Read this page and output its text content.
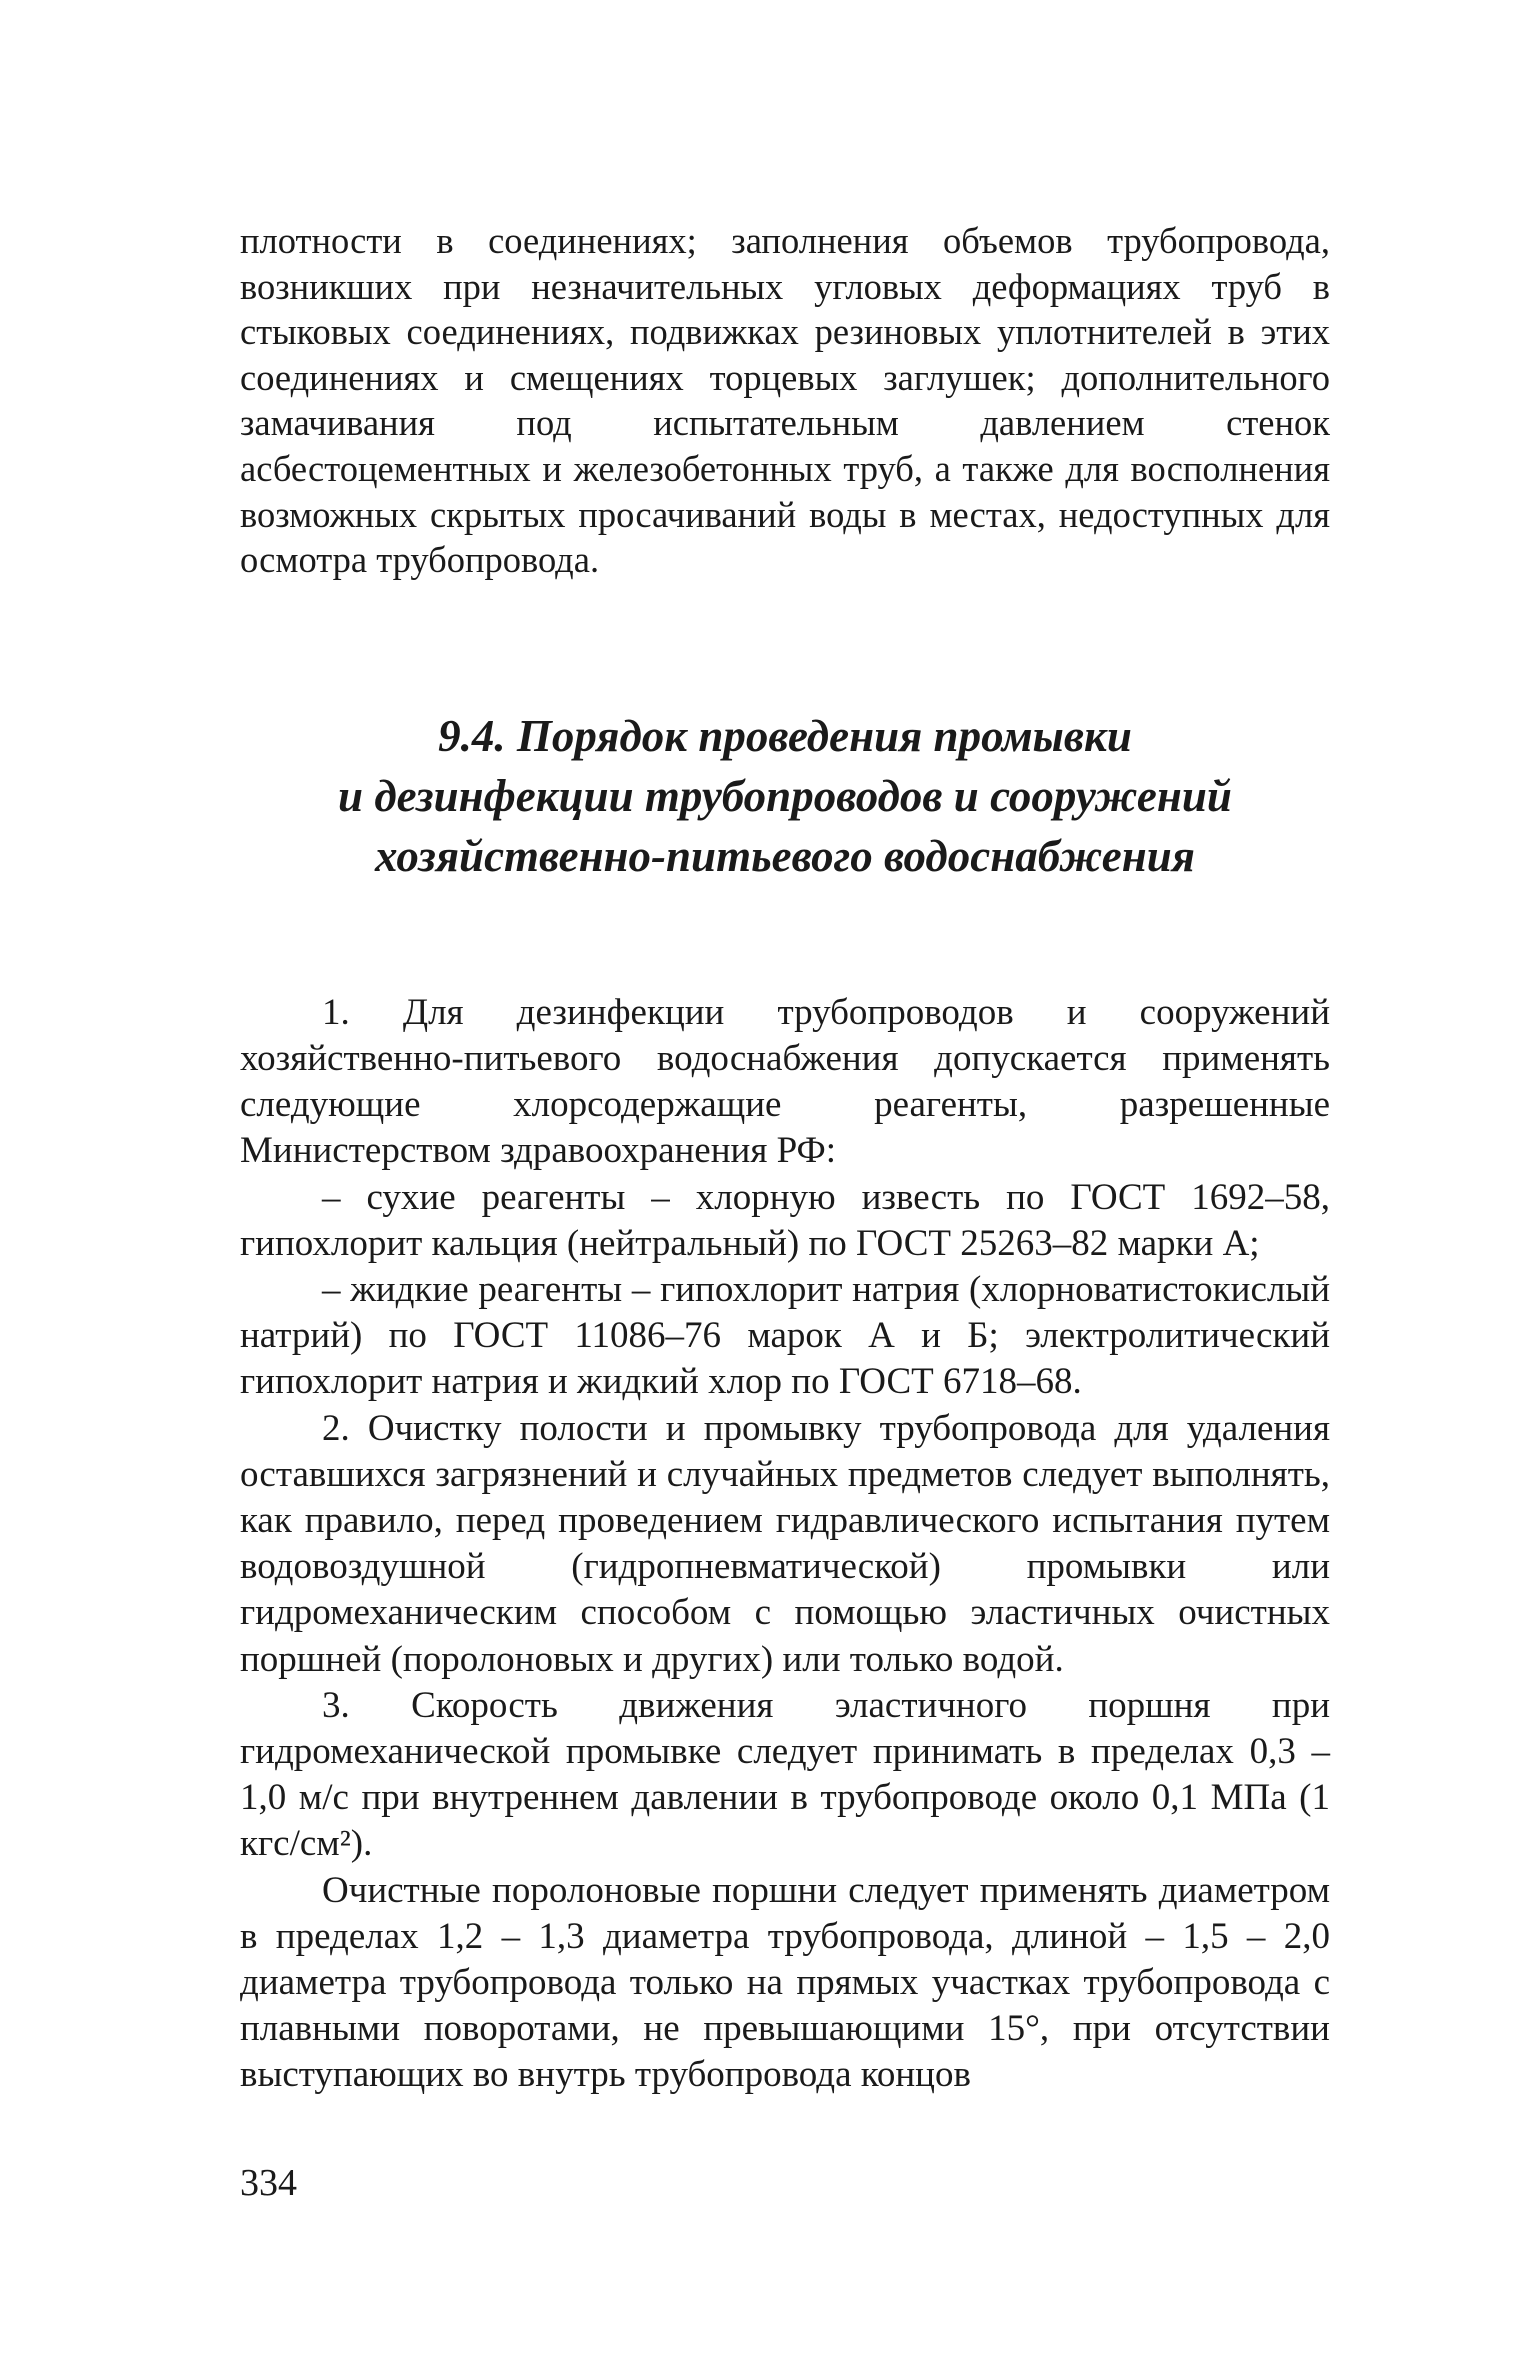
плотности в соединениях; заполнения объемов трубопровода, возникших при незначительных угловых деформациях труб в стыковых соединениях, подвижках резиновых уплотнителей в этих соединениях и смещениях торцевых заглушек; дополнительного замачивания под испытательным давлением стенок асбестоцементных и железобетонных труб, а также для восполнения возможных скрытых просачиваний воды в местах, недоступных для осмотра трубопровода.

9.4. Порядок проведения промывки
и дезинфекции трубопроводов и сооружений
хозяйственно-питьевого водоснабжения

1. Для дезинфекции трубопроводов и сооружений хозяйственно-питьевого водоснабжения допускается применять следующие хлорсодержащие реагенты, разрешенные Министерством здравоохранения РФ:

– сухие реагенты – хлорную известь по ГОСТ 1692–58, гипохлорит кальция (нейтральный) по ГОСТ 25263–82 марки А;

– жидкие реагенты – гипохлорит натрия (хлорноватистокислый натрий) по ГОСТ 11086–76 марок А и Б; электролитический гипохлорит натрия и жидкий хлор по ГОСТ 6718–68.

2. Очистку полости и промывку трубопровода для удаления оставшихся загрязнений и случайных предметов следует выполнять, как правило, перед проведением гидравлического испытания путем водовоздушной (гидропневматической) промывки или гидромеханическим способом с помощью эластичных очистных поршней (поролоновых и других) или только водой.

3. Скорость движения эластичного поршня при гидромеханической промывке следует принимать в пределах 0,3 – 1,0 м/с при внутреннем давлении в трубопроводе около 0,1 МПа (1 кгс/см²).

Очистные поролоновые поршни следует применять диаметром в пределах 1,2 – 1,3 диаметра трубопровода, длиной – 1,5 – 2,0 диаметра трубопровода только на прямых участках трубопровода с плавными поворотами, не превышающими 15°, при отсутствии выступающих во внутрь трубопровода концов

334
